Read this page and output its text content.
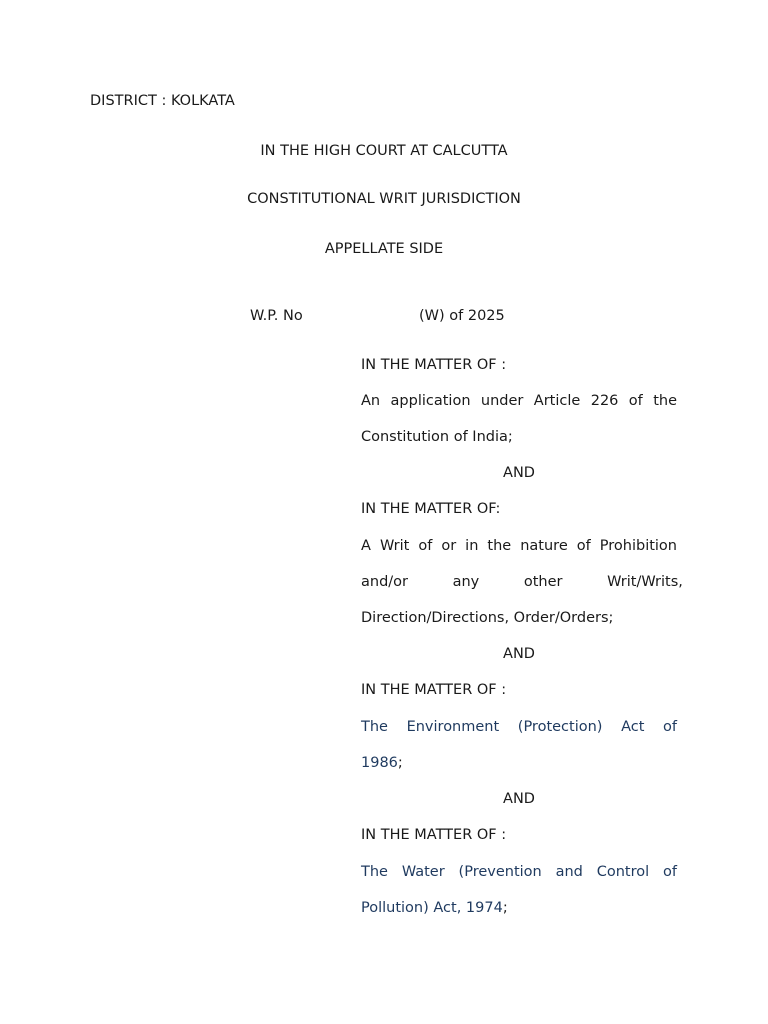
DISTRICT : KOLKATA
IN THE HIGH COURT AT CALCUTTA
CONSTITUTIONAL WRIT JURISDICTION
APPELLATE SIDE
W.P. No	(W) of 2025
IN THE MATTER OF :
An application under Article 226 of the
Constitution of India;
AND
IN THE MATTER OF:
A Writ of or in the nature of Prohibition
and/or any other Writ/Writs,
Direction/Directions, Order/Orders;
AND
IN THE MATTER OF :
The Environment (Protection) Act of
1986;
AND
IN THE MATTER OF :
The Water (Prevention and Control of
Pollution) Act, 1974;
